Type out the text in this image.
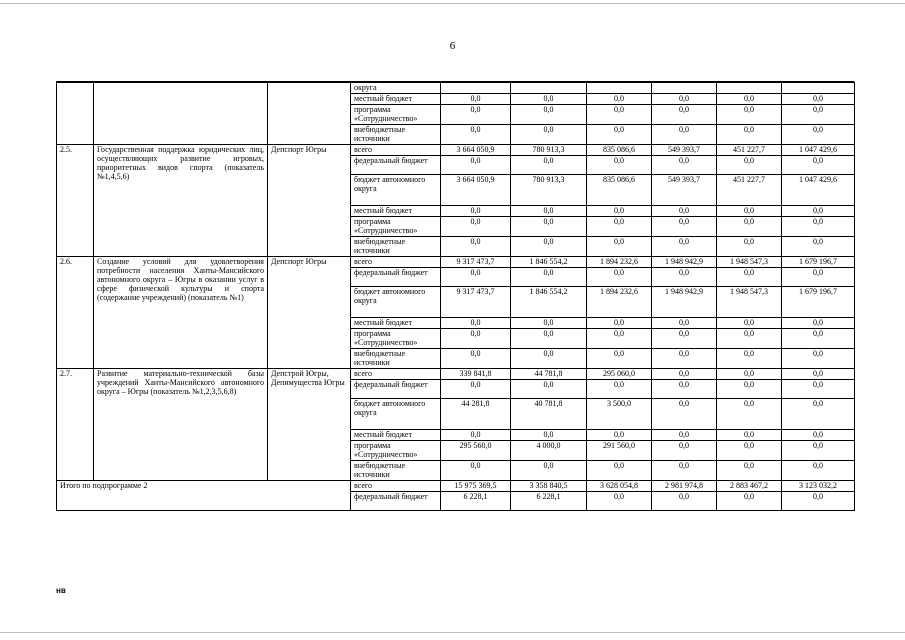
6
			округа						
			местный бюджет	0,0	0,0	0,0	0,0	0,0	0,0
			программа «Сотрудничество»	0,0	0,0	0,0	0,0	0,0	0,0
			внебюджетные источники	0,0	0,0	0,0	0,0	0,0	0,0
2.5.	Государственная поддержка юридических лиц, осуществляющих развитие игровых, приоритетных видов спорта (показатель №1,4,5,6)	Депспорт Югры	всего	3 664 050,9	780 913,3	835 086,6	549 393,7	451 227,7	1 047 429,6
			федеральный бюджет	0,0	0,0	0,0	0,0	0,0	0,0
			бюджет автономного округа	3 664 050,9	780 913,3	835 086,6	549 393,7	451 227,7	1 047 429,6
			местный бюджет	0,0	0,0	0,0	0,0	0,0	0,0
			программа «Сотрудничество»	0,0	0,0	0,0	0,0	0,0	0,0
			внебюджетные источники	0,0	0,0	0,0	0,0	0,0	0,0
2.6.	Создание условий для удовлетворения потребности населения Ханты-Мансийского автономного округа – Югры в оказании услуг в сфере физической культуры и спорта (содержание учреждений) (показатель №1)	Депспорт Югры	всего	9 317 473,7	1 846 554,2	1 894 232,6	1 948 942,9	1 948 547,3	1 679 196,7
			федеральный бюджет	0,0	0,0	0,0	0,0	0,0	0,0
			бюджет автономного округа	9 317 473,7	1 846 554,2	1 894 232,6	1 948 942,9	1 948 547,3	1 679 196,7
			местный бюджет	0,0	0,0	0,0	0,0	0,0	0,0
			программа «Сотрудничество»	0,0	0,0	0,0	0,0	0,0	0,0
			внебюджетные источники	0,0	0,0	0,0	0,0	0,0	0,0
2.7.	Развитие материально-технической базы учреждений Ханты-Мансийского автономного округа – Югры (показатель №1,2,3,5,6,8)	Депстрой Югры, Депимущества Югры	всего	339 841,8	44 781,8	295 060,0	0,0	0,0	0,0
			федеральный бюджет	0,0	0,0	0,0	0,0	0,0	0,0
			бюджет автономного округа	44 281,8	40 781,8	3 500,0	0,0	0,0	0,0
			местный бюджет	0,0	0,0	0,0	0,0	0,0	0,0
			программа «Сотрудничество»	295 560,0	4 000,0	291 560,0	0,0	0,0	0,0
			внебюджетные источники	0,0	0,0	0,0	0,0	0,0	0,0
Итого по подпрограмме 2			всего	15 975 369,5	3 358 840,5	3 628 054,8	2 981 974,8	2 883 467,2	3 123 032,2
			федеральный бюджет	6 228,1	6 228,1	0,0	0,0	0,0	0,0
нв
